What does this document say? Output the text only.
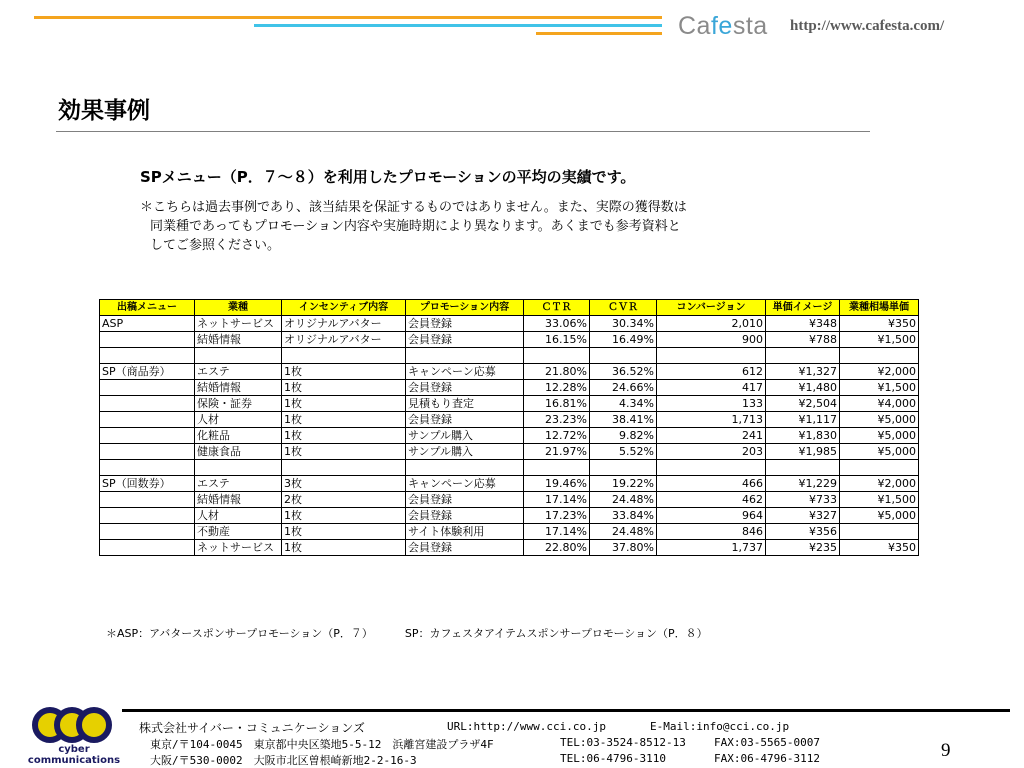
Cafesta http://www.cafesta.com/
効果事例
SPメニュー（P．７～８）を利用したプロモーションの平均の実績です。
＊こちらは過去事例であり、該当結果を保証するものではありません。また、実際の獲得数は
同業種であってもプロモーション内容や実施時期により異なります。あくまでも参考資料と
してご参照ください。
出稿メニュー	業種	インセンティブ内容	プロモーション内容	ＣＴＲ	ＣＶＲ	コンバージョン	単価イメージ	業種相場単価
ASP	ネットサービス	オリジナルアバター	会員登録	33.06%	30.34%	2,010	¥348	¥350
	結婚情報	オリジナルアバター	会員登録	16.15%	16.49%	900	¥788	¥1,500

SP（商品券）	エステ	1枚	キャンペーン応募	21.80%	36.52%	612	¥1,327	¥2,000
	結婚情報	1枚	会員登録	12.28%	24.66%	417	¥1,480	¥1,500
	保険・証券	1枚	見積もり査定	16.81%	4.34%	133	¥2,504	¥4,000
	人材	1枚	会員登録	23.23%	38.41%	1,713	¥1,117	¥5,000
	化粧品	1枚	サンプル購入	12.72%	9.82%	241	¥1,830	¥5,000
	健康食品	1枚	サンプル購入	21.97%	5.52%	203	¥1,985	¥5,000

SP（回数券）	エステ	3枚	キャンペーン応募	19.46%	19.22%	466	¥1,229	¥2,000
	結婚情報	2枚	会員登録	17.14%	24.48%	462	¥733	¥1,500
	人材	1枚	会員登録	17.23%	33.84%	964	¥327	¥5,000
	不動産	1枚	サイト体験利用	17.14%	24.48%	846	¥356	
	ネットサービス	1枚	会員登録	22.80%	37.80%	1,737	¥235	¥350
＊ASP：アバタースポンサープロモーション（P．７）	SP：カフェスタアイテムスポンサープロモーション（P．８）
cyber
communications
株式会社サイバー・コミュニケーションズ	URL:http://www.cci.co.jp	E-Mail:info@cci.co.jp
東京/〒104-0045　東京都中央区築地5-5-12　浜離宮建設プラザ4F	TEL:03-3524-8512-13	FAX:03-5565-0007
大阪/〒530-0002　大阪市北区曽根崎新地2-2-16-3	TEL:06-4796-3110	FAX:06-4796-3112	9
